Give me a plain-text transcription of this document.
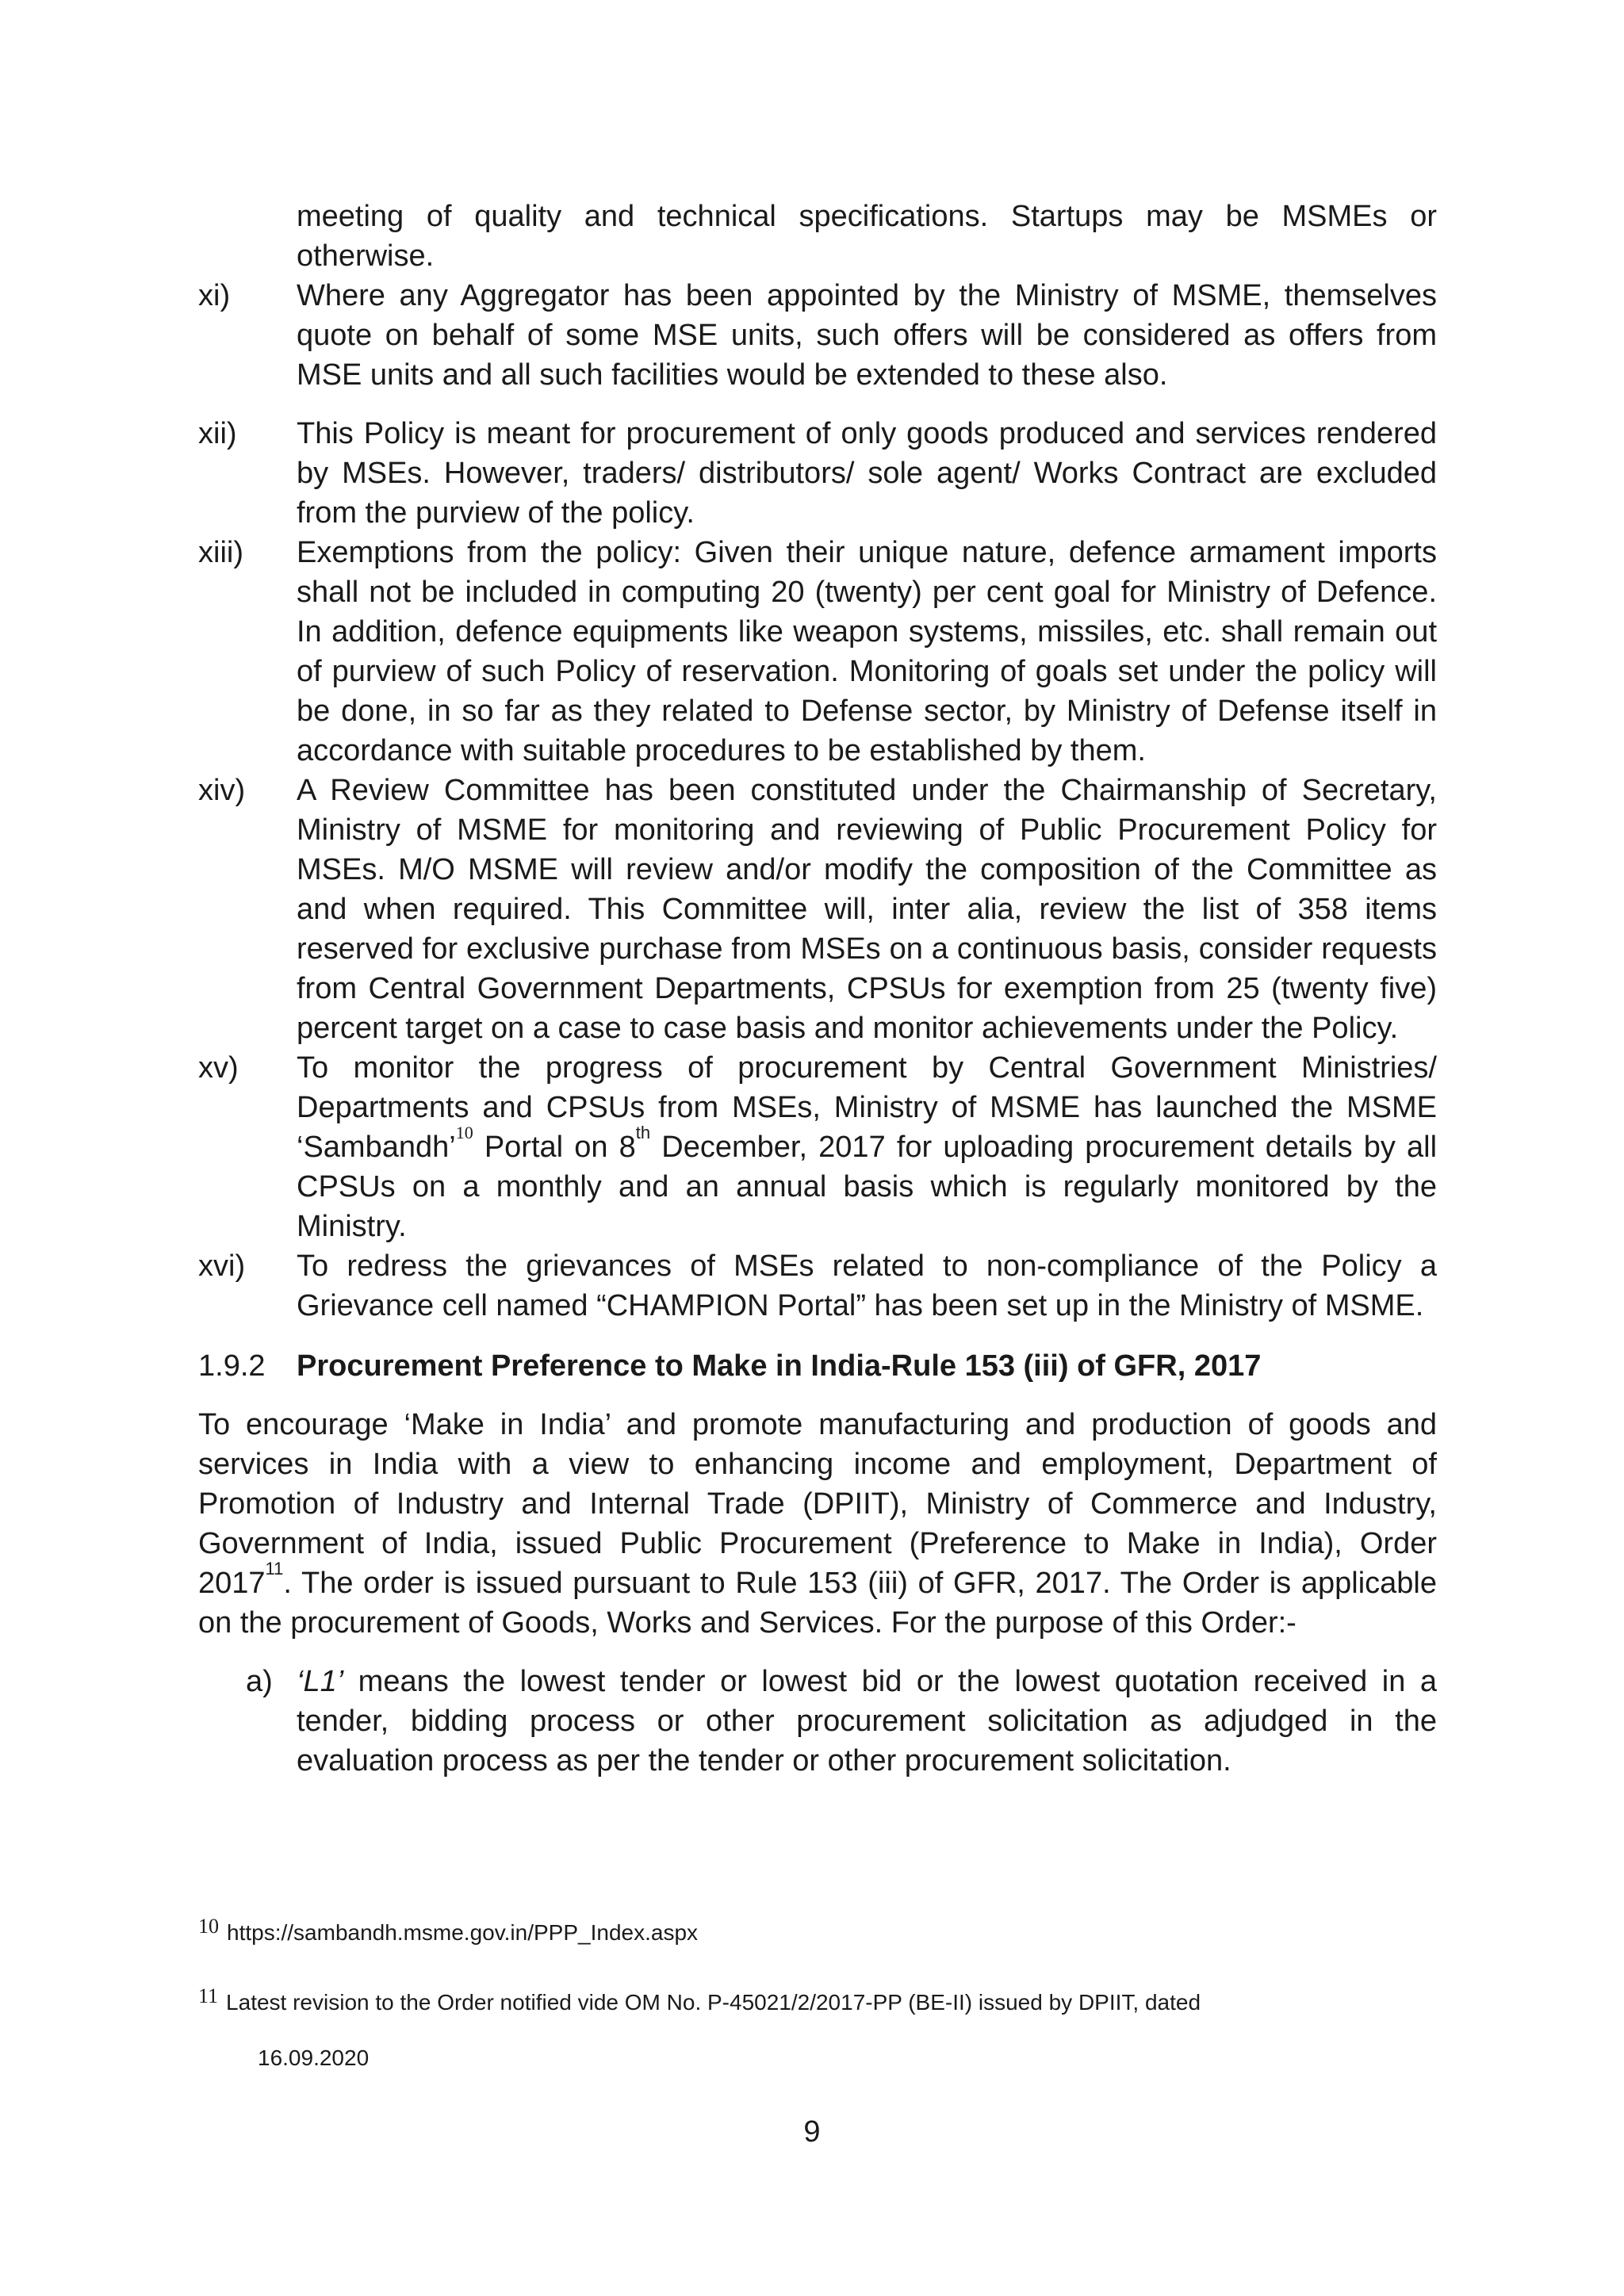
meeting of quality and technical specifications. Startups may be MSMEs or otherwise.
xi)	Where any Aggregator has been appointed by the Ministry of MSME, themselves quote on behalf of some MSE units, such offers will be considered as offers from MSE units and all such facilities would be extended to these also.
xii)	This Policy is meant for procurement of only goods produced and services rendered by MSEs. However, traders/ distributors/ sole agent/ Works Contract are excluded from the purview of the policy.
xiii)	Exemptions from the policy: Given their unique nature, defence armament imports shall not be included in computing 20 (twenty) per cent goal for Ministry of Defence. In addition, defence equipments like weapon systems, missiles, etc. shall remain out of purview of such Policy of reservation. Monitoring of goals set under the policy will be done, in so far as they related to Defense sector, by Ministry of Defense itself in accordance with suitable procedures to be established by them.
xiv)	A Review Committee has been constituted under the Chairmanship of Secretary, Ministry of MSME for monitoring and reviewing of Public Procurement Policy for MSEs. M/O MSME will review and/or modify the composition of the Committee as and when required. This Committee will, inter alia, review the list of 358 items reserved for exclusive purchase from MSEs on a continuous basis, consider requests from Central Government Departments, CPSUs for exemption from 25 (twenty five) percent target on a case to case basis and monitor achievements under the Policy.
xv)	To monitor the progress of procurement by Central Government Ministries/ Departments and CPSUs from MSEs, Ministry of MSME has launched the MSME ‘Sambandh’$^{10}$ Portal on 8th December, 2017 for uploading procurement details by all CPSUs on a monthly and an annual basis which is regularly monitored by the Ministry.
xvi)	To redress the grievances of MSEs related to non-compliance of the Policy a Grievance cell named “CHAMPION Portal” has been set up in the Ministry of MSME.
1.9.2 Procurement Preference to Make in India-Rule 153 (iii) of GFR, 2017
To encourage ‘Make in India’ and promote manufacturing and production of goods and services in India with a view to enhancing income and employment, Department of Promotion of Industry and Internal Trade (DPIIT), Ministry of Commerce and Industry, Government of India, issued Public Procurement (Preference to Make in India), Order 2017$^{11}$. The order is issued pursuant to Rule 153 (iii) of GFR, 2017. The Order is applicable on the procurement of Goods, Works and Services. For the purpose of this Order:-
a) ‘L1’ means the lowest tender or lowest bid or the lowest quotation received in a tender, bidding process or other procurement solicitation as adjudged in the evaluation process as per the tender or other procurement solicitation.
10 https://sambandh.msme.gov.in/PPP_Index.aspx
11 Latest revision to the Order notified vide OM No. P-45021/2/2017-PP (BE-II) issued by DPIIT, dated
16.09.2020
9
